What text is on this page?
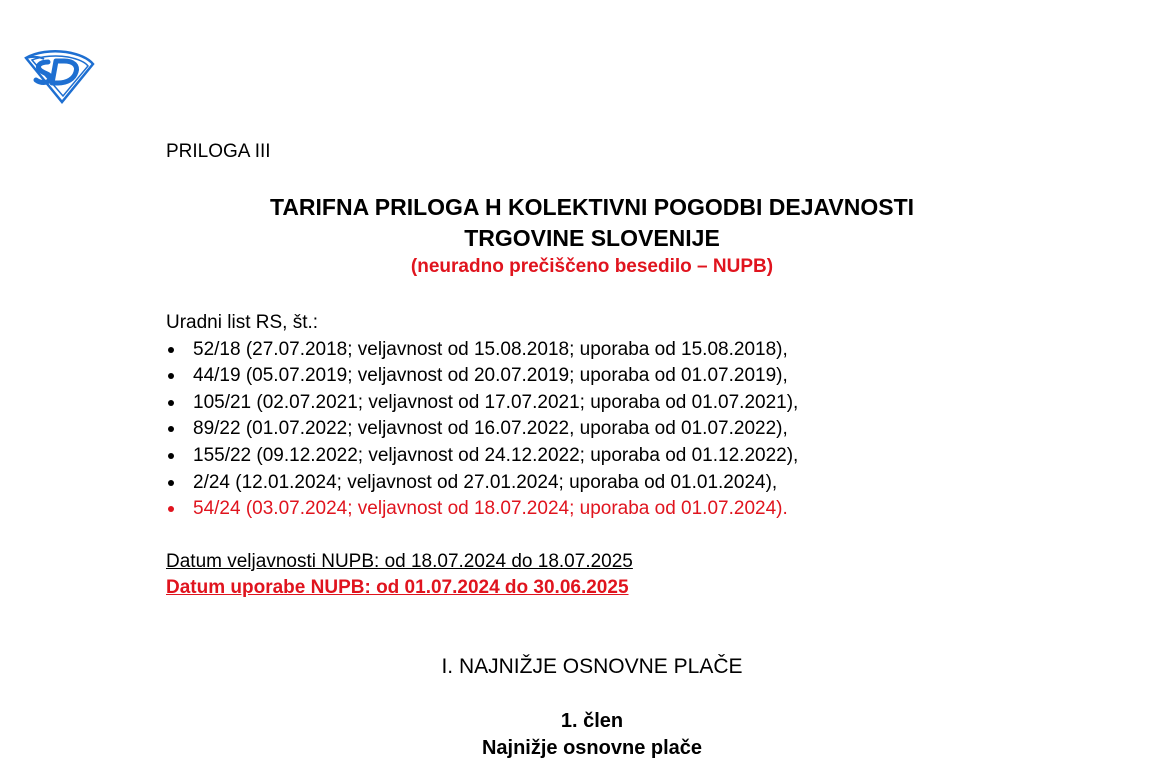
PRILOGA III
TARIFNA PRILOGA H KOLEKTIVNI POGODBI DEJAVNOSTI
TRGOVINE SLOVENIJE
(neuradno prečiščeno besedilo – NUPB)
Uradni list RS, št.:
52/18 (27.07.2018; veljavnost od 15.08.2018; uporaba od 15.08.2018),
44/19 (05.07.2019; veljavnost od 20.07.2019; uporaba od 01.07.2019),
105/21 (02.07.2021; veljavnost od 17.07.2021; uporaba od 01.07.2021),
89/22 (01.07.2022; veljavnost od 16.07.2022, uporaba od 01.07.2022),
155/22 (09.12.2022; veljavnost od 24.12.2022; uporaba od 01.12.2022),
2/24 (12.01.2024; veljavnost od 27.01.2024; uporaba od 01.01.2024),
54/24 (03.07.2024; veljavnost od 18.07.2024; uporaba od 01.07.2024).
Datum veljavnosti NUPB: od 18.07.2024 do 18.07.2025
Datum uporabe NUPB: od 01.07.2024 do 30.06.2025
I. NAJNIŽJE OSNOVNE PLAČE
1. člen
Najnižje osnovne plače
